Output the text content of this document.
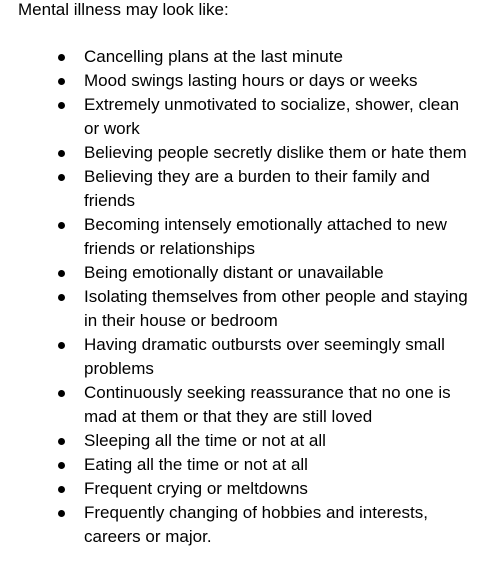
Mental illness may look like:
Cancelling plans at the last minute
Mood swings lasting hours or days or weeks
Extremely unmotivated to socialize, shower, clean or work
Believing people secretly dislike them or hate them
Believing they are a burden to their family and friends
Becoming intensely emotionally attached to new friends or relationships
Being emotionally distant or unavailable
Isolating themselves from other people and staying in their house or bedroom
Having dramatic outbursts over seemingly small problems
Continuously seeking reassurance that no one is mad at them or that they are still loved
Sleeping all the time or not at all
Eating all the time or not at all
Frequent crying or meltdowns
Frequently changing of hobbies and interests, careers or major.
